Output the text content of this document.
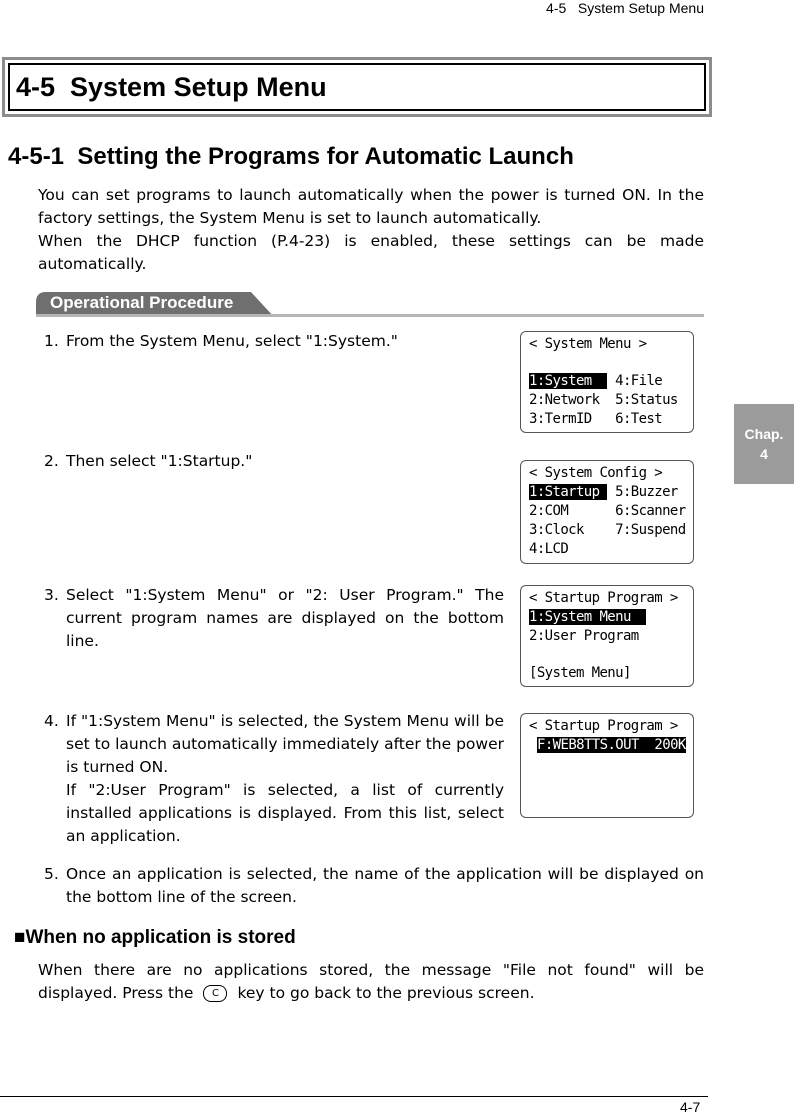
4-5   System Setup Menu
4-5  System Setup Menu
4-5-1  Setting the Programs for Automatic Launch
You can set programs to launch automatically when the power is turned ON. In the factory settings, the System Menu is set to launch automatically.
When the DHCP function (P.4-23) is enabled, these settings can be made automatically.
Operational Procedure
Chap.
4
1. From the System Menu, select "1:System."	< System Menu >
1:System   4:File
2:Network  5:Status
3:TermID   6:Test
2. Then select "1:Startup."
< System Config >
1:Startup  5:Buzzer
2:COM      6:Scanner
3:Clock    7:Suspend
4:LCD
3. Select "1:System Menu" or "2: User Program." The current program names are displayed on the bottom line.
< Startup Program >
1:System Menu
2:User Program
[System Menu]
4. If "1:System Menu" is selected, the System Menu will be set to launch automatically immediately after the power is turned ON.
If "2:User Program" is selected, a list of currently installed applications is displayed. From this list, select an application.
< Startup Program >
F:WEB8TTS.OUT  200K
5. Once an application is selected, the name of the application will be displayed on the bottom line of the screen.
■When no application is stored
When there are no applications stored, the message "File not found" will be displayed. Press the C key to go back to the previous screen.
4-7
